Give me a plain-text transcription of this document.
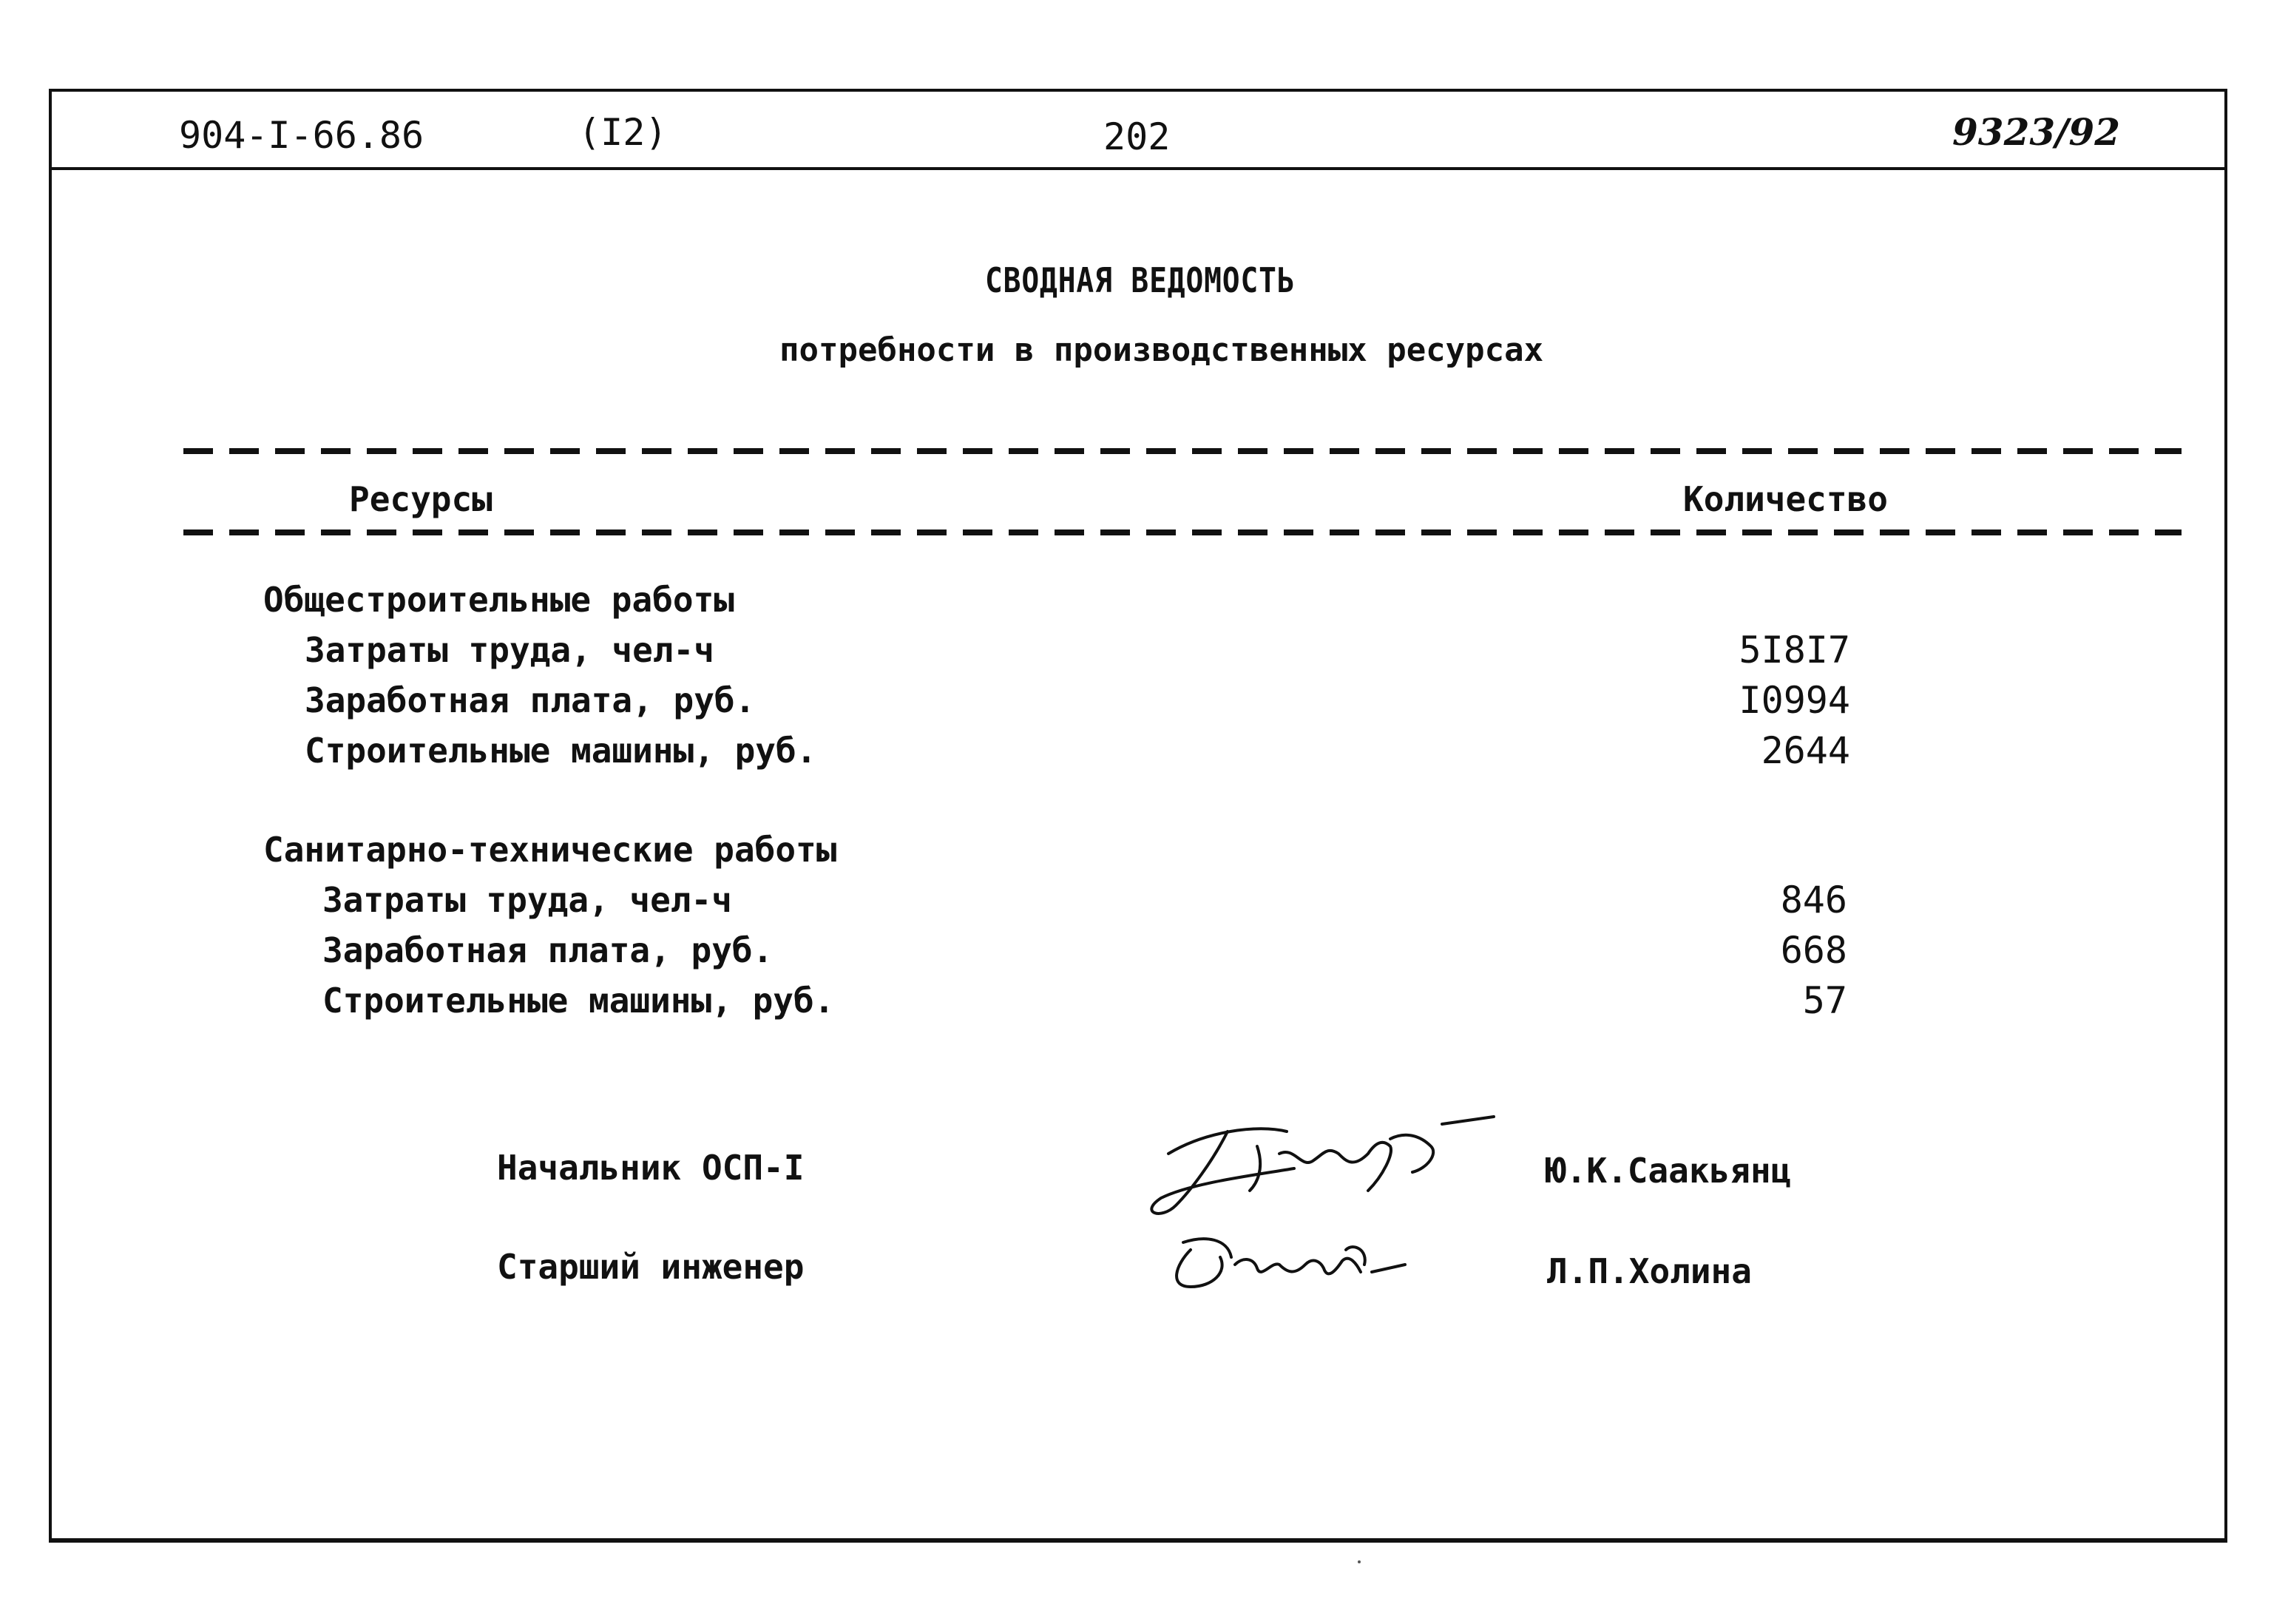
904-I-66.86	(I2)	202	9323/92
СВОДНАЯ ВЕДОМОСТЬ
потребности в производственных ресурсах
Ресурсы	Количество
Общестроительные работы
Затраты труда, чел-ч	5I8I7
Заработная плата, руб.	I0994
Строительные машины, руб.	2644
Санитарно-технические работы
Затраты труда, чел-ч	846
Заработная плата, руб.	668
Строительные машины, руб.	57
Начальник ОСП-I	Ю.К.Саакьянц
Старший инженер	Л.П.Холина
